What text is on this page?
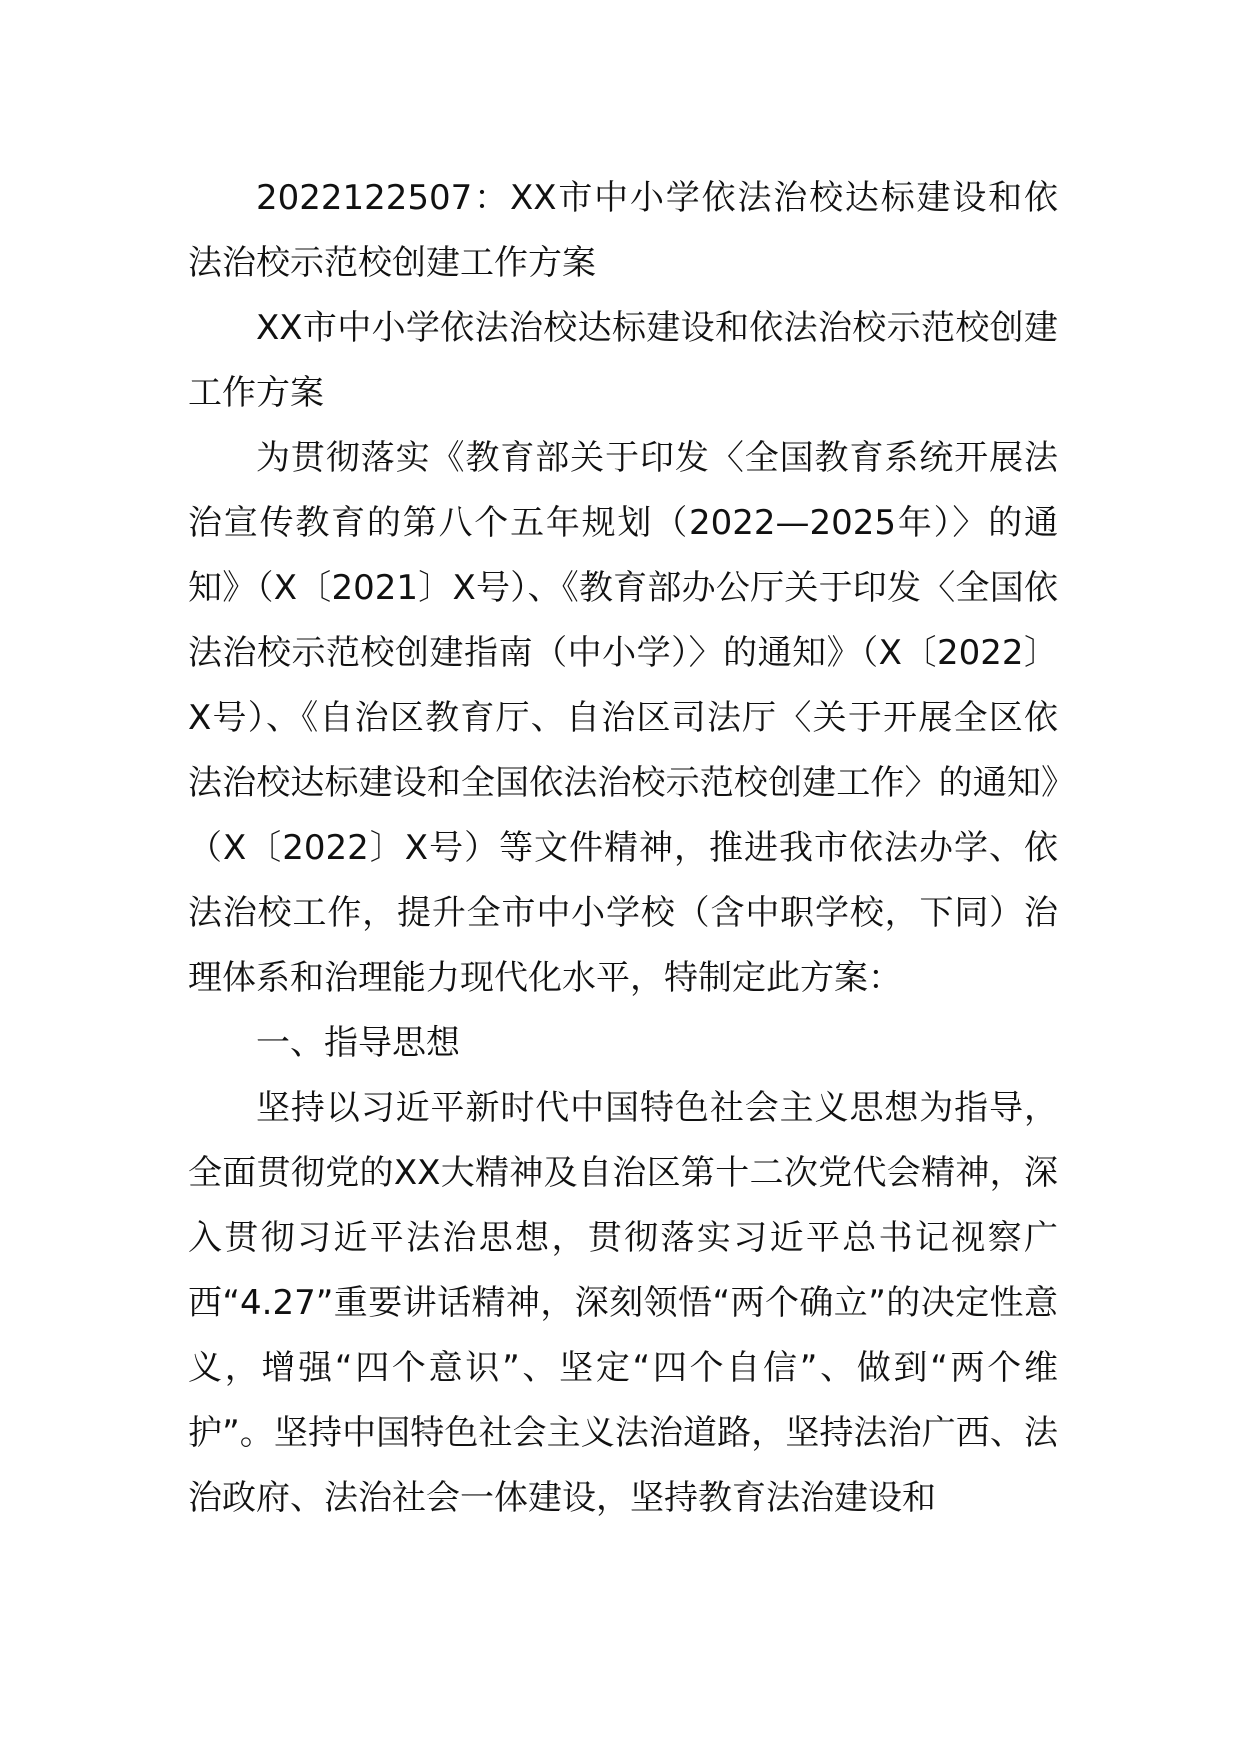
2022122507：XX市中小学依法治校达标建设和依法治校示范校创建工作方案

XX市中小学依法治校达标建设和依法治校示范校创建工作方案

为贯彻落实《教育部关于印发〈全国教育系统开展法治宣传教育的第八个五年规划（2022—2025年）〉的通知》（X〔2021〕X号）、《教育部办公厅关于印发〈全国依法治校示范校创建指南（中小学）〉的通知》（X〔2022〕X号）、《自治区教育厅、自治区司法厅〈关于开展全区依法治校达标建设和全国依法治校示范校创建工作〉的通知》（X〔2022〕X号）等文件精神，推进我市依法办学、依法治校工作，提升全市中小学校（含中职学校，下同）治理体系和治理能力现代化水平，特制定此方案：

一、指导思想

坚持以习近平新时代中国特色社会主义思想为指导，全面贯彻党的XX大精神及自治区第十二次党代会精神，深入贯彻习近平法治思想，贯彻落实习近平总书记视察广西“4.27”重要讲话精神，深刻领悟“两个确立”的决定性意义，增强“四个意识”、坚定“四个自信”、做到“两个维护”。坚持中国特色社会主义法治道路，坚持法治广西、法治政府、法治社会一体建设，坚持教育法治建设和
